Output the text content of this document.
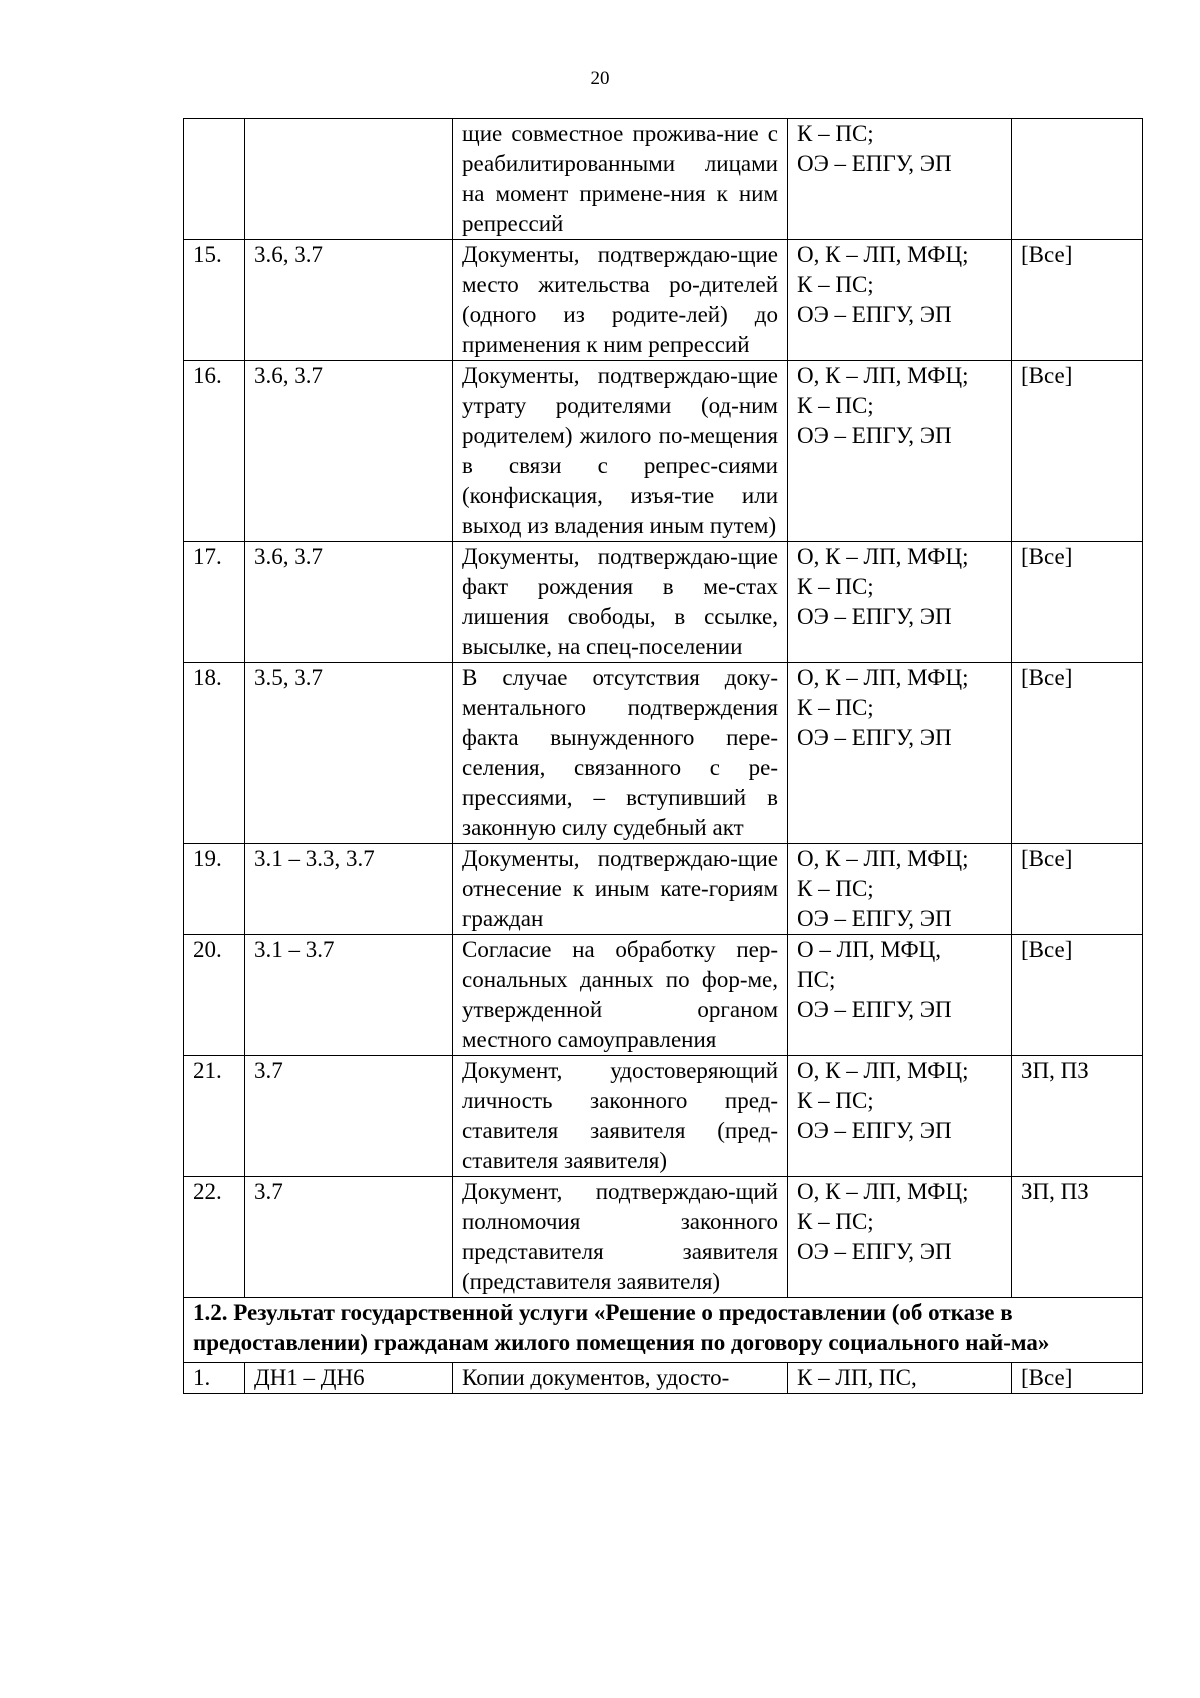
20
		щие совместное прожива-ние с реабилитированными лицами на момент примене-ния к ним репрессий	К – ПС;
ОЭ – ЕПГУ, ЭП	

15.	3.6, 3.7	Документы, подтверждаю-щие место жительства ро-дителей (одного из родите-лей) до применения к ним репрессий	О, К – ЛП, МФЦ;
К – ПС;
ОЭ – ЕПГУ, ЭП	[Все]
16.	3.6, 3.7	Документы, подтверждаю-щие утрату родителями (од-ним родителем) жилого по-мещения в связи с репрес-сиями (конфискация, изъя-тие или выход из владения иным путем)	О, К – ЛП, МФЦ;
К – ПС;
ОЭ – ЕПГУ, ЭП	[Все]
17.	3.6, 3.7	Документы, подтверждаю-щие факт рождения в ме-стах лишения свободы, в ссылке, высылке, на спец-поселении	О, К – ЛП, МФЦ;
К – ПС;
ОЭ – ЕПГУ, ЭП	[Все]
18.	3.5, 3.7	В случае отсутствия доку-ментального подтверждения факта вынужденного пере-селения, связанного с ре-прессиями, – вступивший в законную силу судебный акт	О, К – ЛП, МФЦ;
К – ПС;
ОЭ – ЕПГУ, ЭП	[Все]
19.	3.1 – 3.3, 3.7	Документы, подтверждаю-щие отнесение к иным кате-гориям граждан	О, К – ЛП, МФЦ;
К – ПС;
ОЭ – ЕПГУ, ЭП	[Все]
20.	3.1 – 3.7	Согласие на обработку пер-сональных данных по фор-ме, утвержденной органом местного самоуправления	О – ЛП, МФЦ,
ПС;
ОЭ – ЕПГУ, ЭП	[Все]
21.	3.7	Документ, удостоверяющий личность законного пред-ставителя заявителя (пред-ставителя заявителя)	О, К – ЛП, МФЦ;
К – ПС;
ОЭ – ЕПГУ, ЭП	ЗП, ПЗ
22.	3.7	Документ, подтверждаю-щий полномочия законного представителя заявителя (представителя заявителя)	О, К – ЛП, МФЦ;
К – ПС;
ОЭ – ЕПГУ, ЭП	ЗП, ПЗ
1.2. Результат государственной услуги «Решение о предоставлении (об отказе в предоставлении) гражданам жилого помещения по договору социального най-ма»				
1.	ДН1 – ДН6	Копии документов, удосто-	К – ЛП, ПС,	[Все]
